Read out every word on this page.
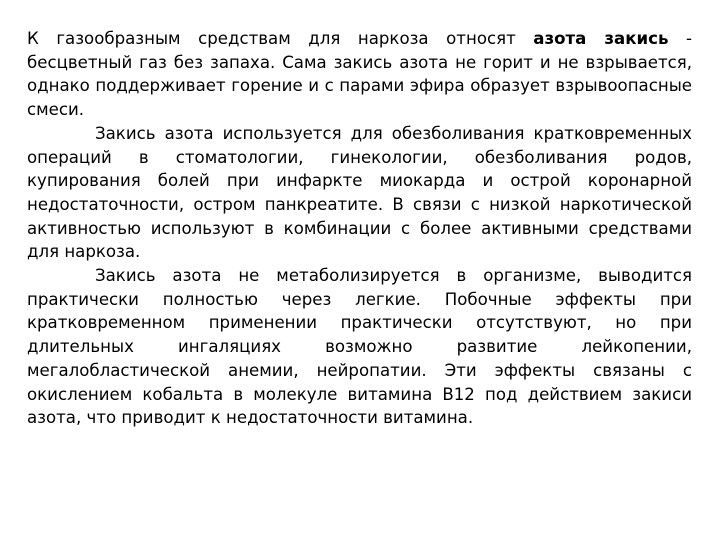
К газообразным средствам для наркоза относят азота закись - бесцветный газ без запаха. Сама закись азота не горит и не взрывается, однако поддерживает горение и с парами эфира образует взрывоопасные смеси.

Закись азота используется для обезболивания кратковременных операций в стоматологии, гинекологии, обезболивания родов, купирования болей при инфаркте миокарда и острой коронарной недостаточности, остром панкреатите. В связи с низкой наркотической активностью используют в комбинации с более активными средствами для наркоза.

Закись азота не метаболизируется в организме, выводится практически полностью через легкие. Побочные эффекты при кратковременном применении практически отсутствуют, но при длительных ингаляциях возможно развитие лейкопении, мегалобластической анемии, нейропатии. Эти эффекты связаны с окислением кобальта в молекуле витамина В12 под действием закиси азота, что приводит к недостаточности витамина.
